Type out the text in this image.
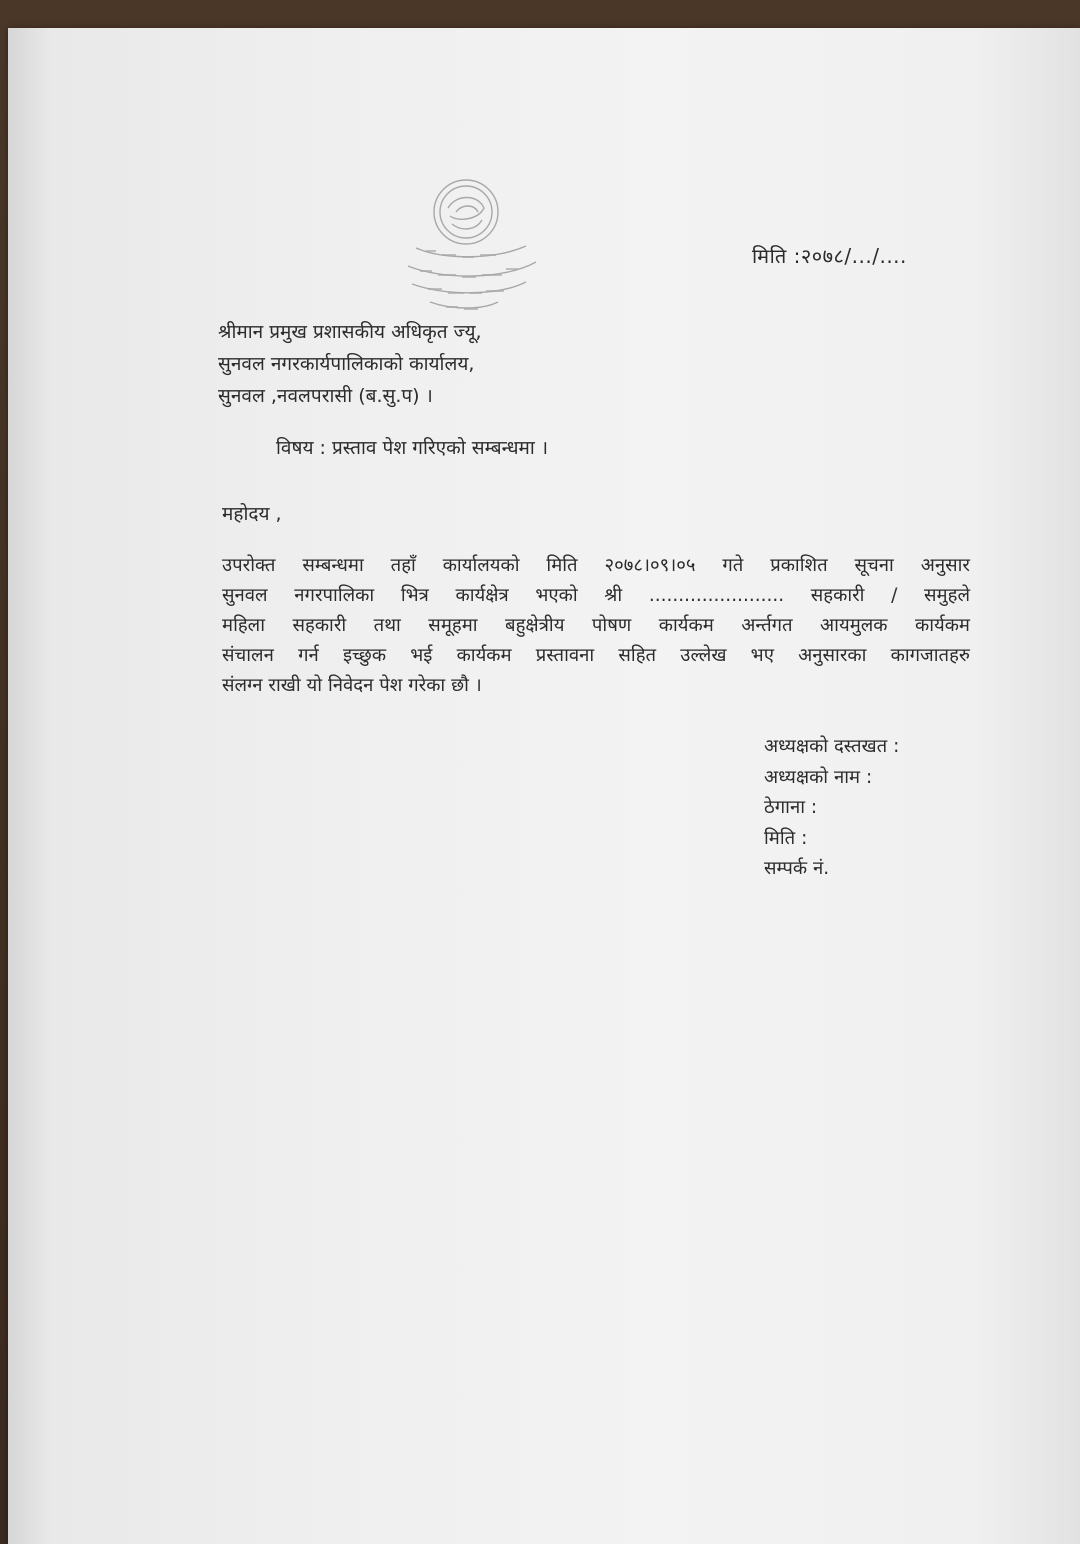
मिति :२०७८/.../....
श्रीमान प्रमुख प्रशासकीय अधिकृत ज्यू,
सुनवल नगरकार्यपालिकाको कार्यालय,
सुनवल ,नवलपरासी (ब.सु.प) ।
विषय : प्रस्ताव पेश गरिएको सम्बन्धमा ।
महोदय ,
उपरोक्त सम्बन्धमा तहाँ कार्यालयको मिति २०७८।०९।०५ गते प्रकाशित सूचना अनुसार
सुनवल नगरपालिका भित्र कार्यक्षेत्र भएको श्री ....................... सहकारी / समुहले
महिला सहकारी तथा समूहमा बहुक्षेत्रीय पोषण कार्यकम अर्न्तगत आयमुलक कार्यकम
संचालन गर्न इच्छुक भई कार्यकम प्रस्तावना सहित उल्लेख भए अनुसारका कागजातहरु
संलग्न राखी यो निवेदन पेश गरेका छौ ।
अध्यक्षको दस्तखत :
अध्यक्षको नाम :
ठेगाना :
मिति :
सम्पर्क नं.
